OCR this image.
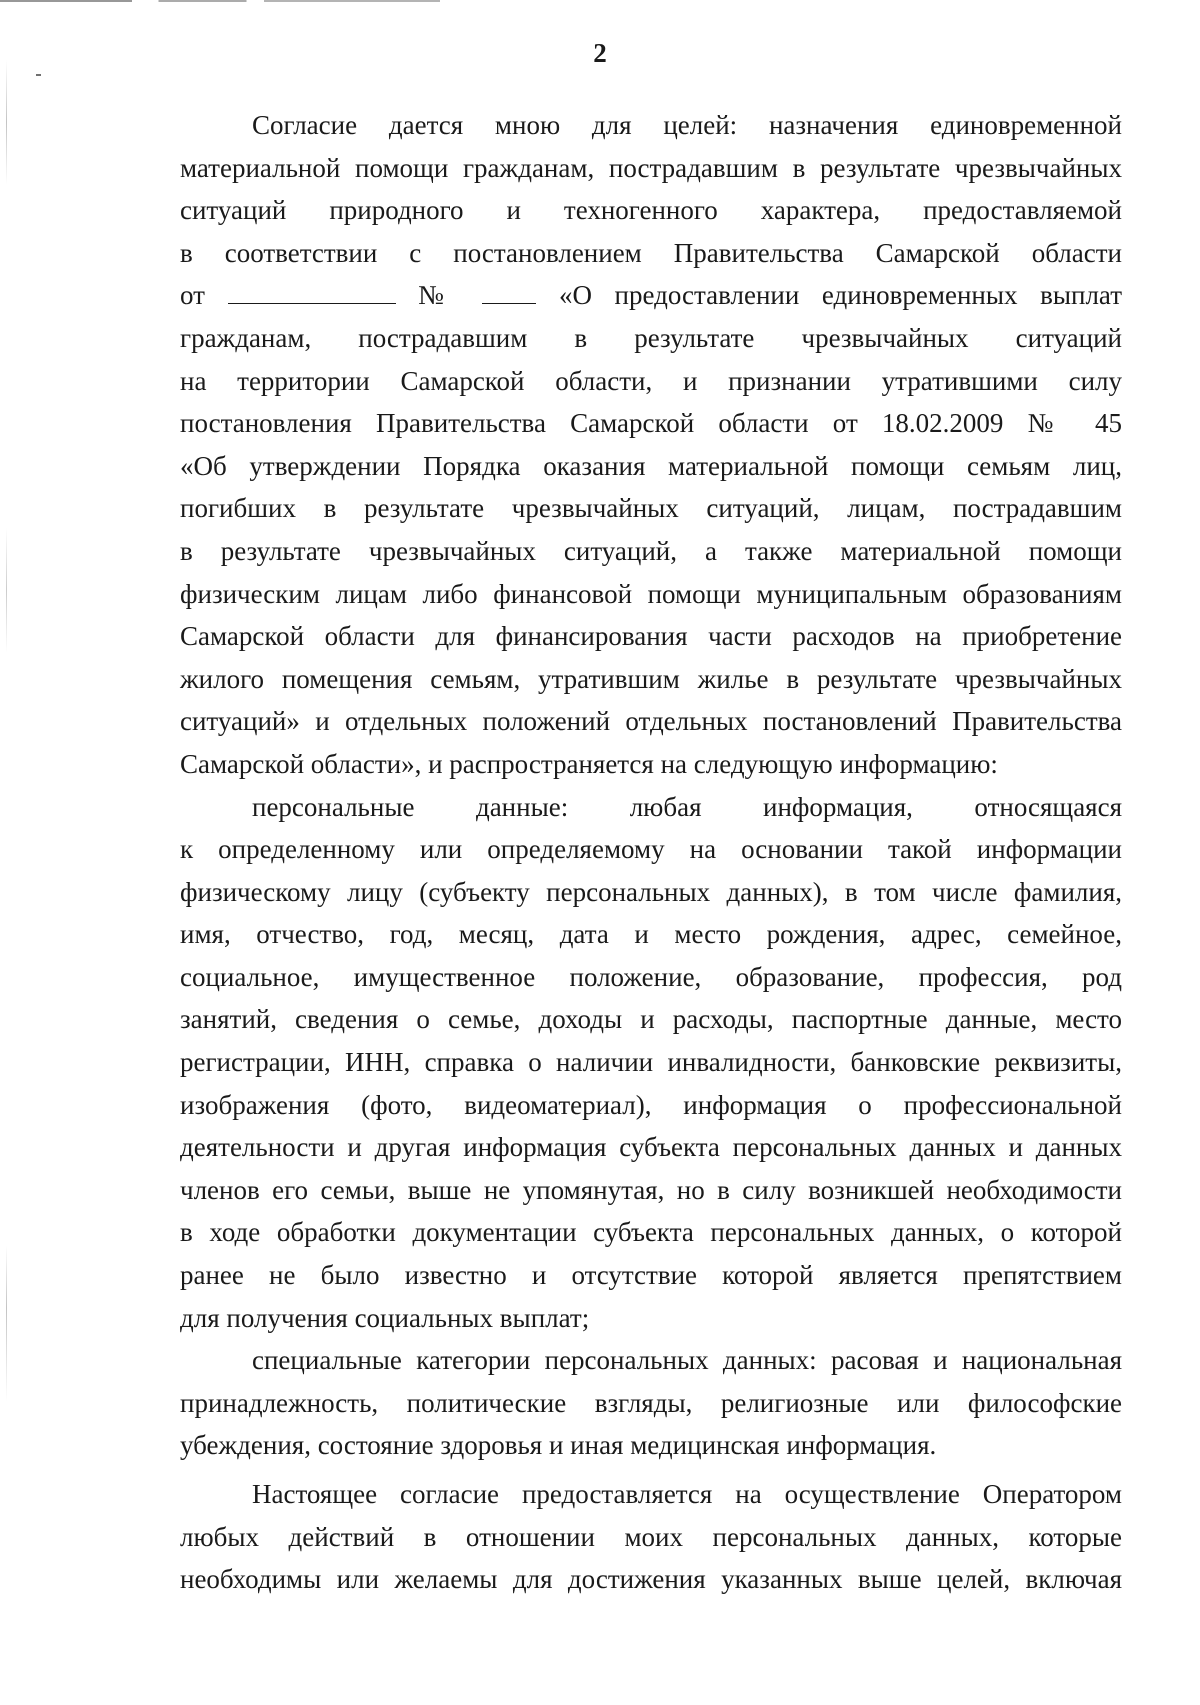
2
Согласие дается мною для целей: назначения единовременной
материальной помощи гражданам, пострадавшим в результате чрезвычайных
ситуаций природного и техногенного характера, предоставляемой
в соответствии с постановлением Правительства Самарской области
от	№	«О предоставлении единовременных выплат
гражданам, пострадавшим в результате чрезвычайных ситуаций
на территории Самарской области, и признании утратившими силу
постановления Правительства Самарской области от 18.02.2009 № 45
«Об утверждении Порядка оказания материальной помощи семьям лиц,
погибших в результате чрезвычайных ситуаций, лицам, пострадавшим
в результате чрезвычайных ситуаций, а также материальной помощи
физическим лицам либо финансовой помощи муниципальным образованиям
Самарской области для финансирования части расходов на приобретение
жилого помещения семьям, утратившим жилье в результате чрезвычайных
ситуаций» и отдельных положений отдельных постановлений Правительства
Самарской области», и распространяется на следующую информацию:
персональные данные: любая информация, относящаяся
к определенному или определяемому на основании такой информации
физическому лицу (субъекту персональных данных), в том числе фамилия,
имя, отчество, год, месяц, дата и место рождения, адрес, семейное,
социальное, имущественное положение, образование, профессия, род
занятий, сведения о семье, доходы и расходы, паспортные данные, место
регистрации, ИНН, справка о наличии инвалидности, банковские реквизиты,
изображения (фото, видеоматериал), информация о профессиональной
деятельности и другая информация субъекта персональных данных и данных
членов его семьи, выше не упомянутая, но в силу возникшей необходимости
в ходе обработки документации субъекта персональных данных, о которой
ранее не было известно и отсутствие которой является препятствием
для получения социальных выплат;
специальные категории персональных данных: расовая и национальная
принадлежность, политические взгляды, религиозные или философские
убеждения, состояние здоровья и иная медицинская информация.
Настоящее согласие предоставляется на осуществление Оператором
любых действий в отношении моих персональных данных, которые
необходимы или желаемы для достижения указанных выше целей, включая
